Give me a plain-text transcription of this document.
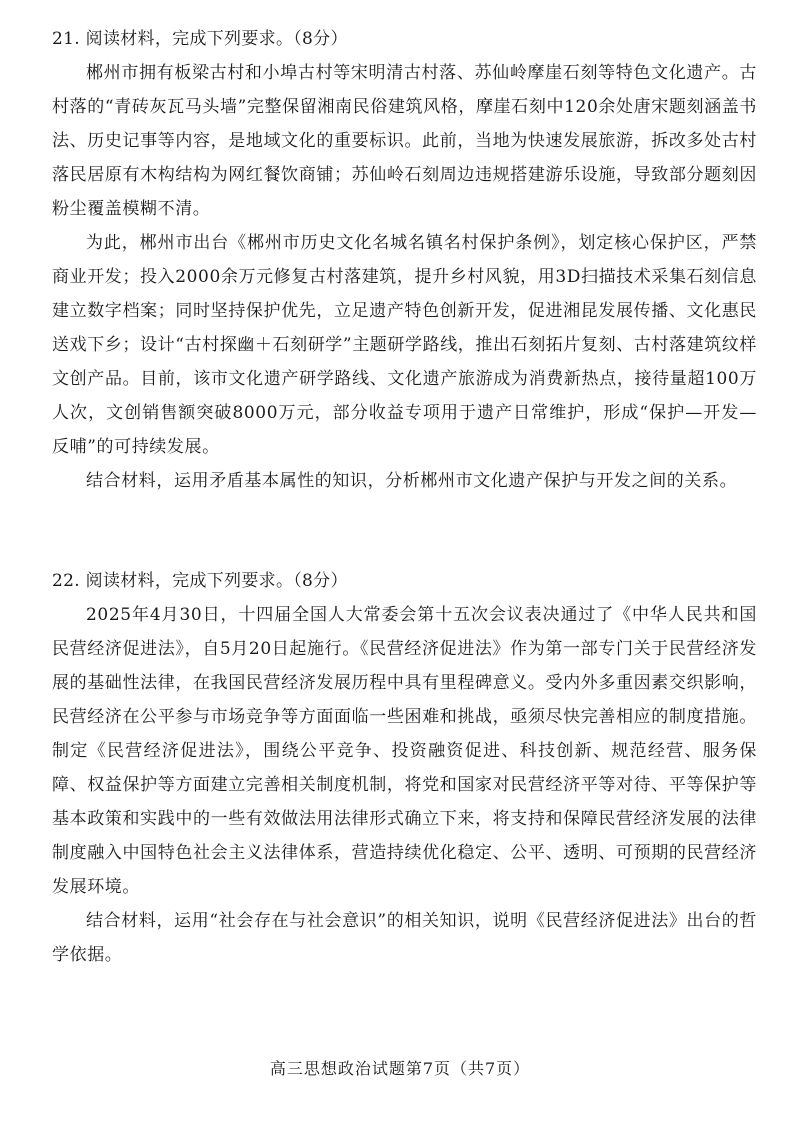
21. 阅读材料，完成下列要求。（8分）

郴州市拥有板梁古村和小埠古村等宋明清古村落、苏仙岭摩崖石刻等特色文化遗产。古村落的“青砖灰瓦马头墙”完整保留湘南民俗建筑风格，摩崖石刻中120余处唐宋题刻涵盖书法、历史记事等内容，是地域文化的重要标识。此前，当地为快速发展旅游，拆改多处古村落民居原有木构结构为网红餐饮商铺；苏仙岭石刻周边违规搭建游乐设施，导致部分题刻因粉尘覆盖模糊不清。

为此，郴州市出台《郴州市历史文化名城名镇名村保护条例》，划定核心保护区，严禁商业开发；投入2000余万元修复古村落建筑，提升乡村风貌，用3D扫描技术采集石刻信息建立数字档案；同时坚持保护优先，立足遗产特色创新开发，促进湘昆发展传播、文化惠民送戏下乡；设计“古村探幽＋石刻研学”主题研学路线，推出石刻拓片复刻、古村落建筑纹样文创产品。目前，该市文化遗产研学路线、文化遗产旅游成为消费新热点，接待量超100万人次，文创销售额突破8000万元，部分收益专项用于遗产日常维护，形成“保护—开发—反哺”的可持续发展。

结合材料，运用矛盾基本属性的知识，分析郴州市文化遗产保护与开发之间的关系。

22. 阅读材料，完成下列要求。（8分）

2025年4月30日，十四届全国人大常委会第十五次会议表决通过了《中华人民共和国民营经济促进法》，自5月20日起施行。《民营经济促进法》作为第一部专门关于民营经济发展的基础性法律，在我国民营经济发展历程中具有里程碑意义。受内外多重因素交织影响，民营经济在公平参与市场竞争等方面面临一些困难和挑战，亟须尽快完善相应的制度措施。制定《民营经济促进法》，围绕公平竞争、投资融资促进、科技创新、规范经营、服务保障、权益保护等方面建立完善相关制度机制，将党和国家对民营经济平等对待、平等保护等基本政策和实践中的一些有效做法用法律形式确立下来，将支持和保障民营经济发展的法律制度融入中国特色社会主义法律体系，营造持续优化稳定、公平、透明、可预期的民营经济发展环境。

结合材料，运用“社会存在与社会意识”的相关知识，说明《民营经济促进法》出台的哲学依据。

高三思想政治试题第7页（共7页）
